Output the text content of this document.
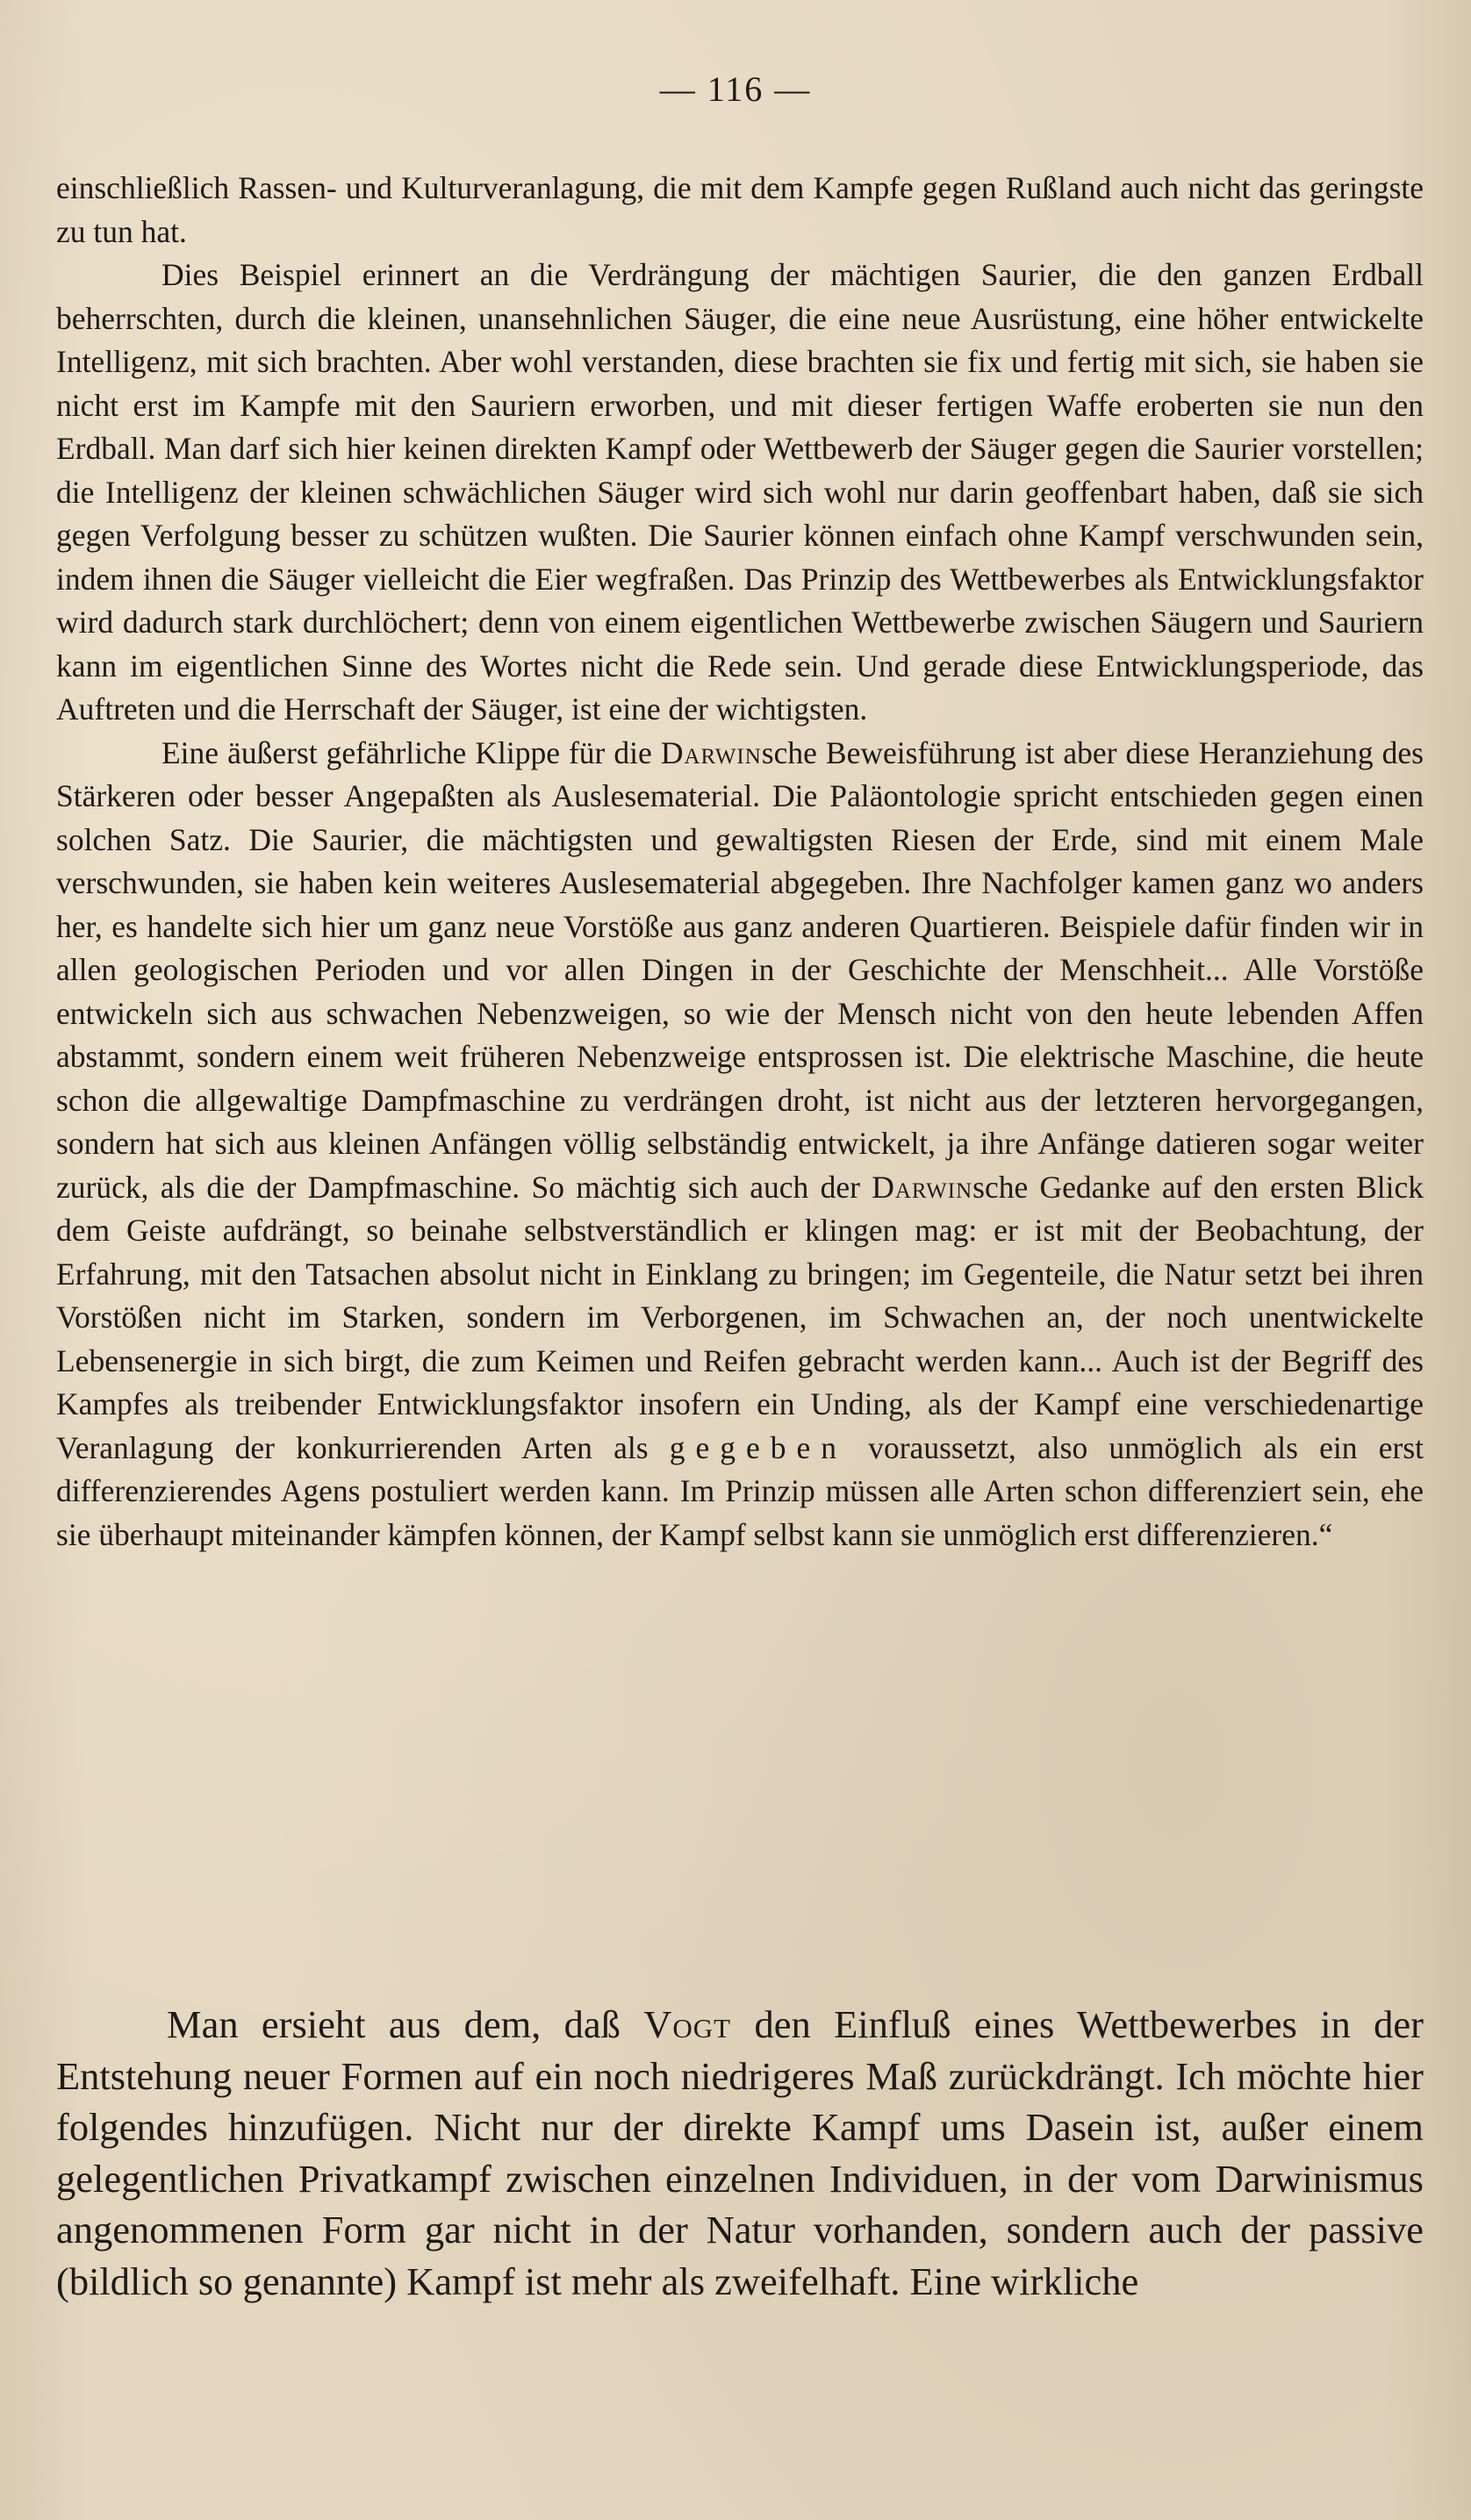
— 116 —

einschließlich Rassen- und Kulturveranlagung, die mit dem Kampfe gegen Rußland auch nicht das geringste zu tun hat.

Dies Beispiel erinnert an die Verdrängung der mächtigen Saurier, die den ganzen Erdball beherrschten, durch die kleinen, unansehnlichen Säuger, die eine neue Ausrüstung, eine höher entwickelte Intelligenz, mit sich brachten. Aber wohl verstanden, diese brachten sie fix und fertig mit sich, sie haben sie nicht erst im Kampfe mit den Sauriern erworben, und mit dieser fertigen Waffe eroberten sie nun den Erdball. Man darf sich hier keinen direkten Kampf oder Wettbewerb der Säuger gegen die Saurier vorstellen; die Intelligenz der kleinen schwächlichen Säuger wird sich wohl nur darin geoffenbart haben, daß sie sich gegen Verfolgung besser zu schützen wußten. Die Saurier können einfach ohne Kampf verschwunden sein, indem ihnen die Säuger vielleicht die Eier wegfraßen. Das Prinzip des Wettbewerbes als Entwicklungsfaktor wird dadurch stark durchlöchert; denn von einem eigentlichen Wettbewerbe zwischen Säugern und Sauriern kann im eigentlichen Sinne des Wortes nicht die Rede sein. Und gerade diese Entwicklungsperiode, das Auftreten und die Herrschaft der Säuger, ist eine der wichtigsten.

Eine äußerst gefährliche Klippe für die Darwinsche Beweisführung ist aber diese Heranziehung des Stärkeren oder besser Angepaßten als Auslesematerial. Die Paläontologie spricht entschieden gegen einen solchen Satz. Die Saurier, die mächtigsten und gewaltigsten Riesen der Erde, sind mit einem Male verschwunden, sie haben kein weiteres Auslesematerial abgegeben. Ihre Nachfolger kamen ganz wo anders her, es handelte sich hier um ganz neue Vorstöße aus ganz anderen Quartieren. Beispiele dafür finden wir in allen geologischen Perioden und vor allen Dingen in der Geschichte der Menschheit... Alle Vorstöße entwickeln sich aus schwachen Nebenzweigen, so wie der Mensch nicht von den heute lebenden Affen abstammt, sondern einem weit früheren Nebenzweige entsprossen ist. Die elektrische Maschine, die heute schon die allgewaltige Dampfmaschine zu verdrängen droht, ist nicht aus der letzteren hervorgegangen, sondern hat sich aus kleinen Anfängen völlig selbständig entwickelt, ja ihre Anfänge datieren sogar weiter zurück, als die der Dampfmaschine. So mächtig sich auch der Darwinsche Gedanke auf den ersten Blick dem Geiste aufdrängt, so beinahe selbstverständlich er klingen mag: er ist mit der Beobachtung, der Erfahrung, mit den Tatsachen absolut nicht in Einklang zu bringen; im Gegenteile, die Natur setzt bei ihren Vorstößen nicht im Starken, sondern im Verborgenen, im Schwachen an, der noch unentwickelte Lebensenergie in sich birgt, die zum Keimen und Reifen gebracht werden kann... Auch ist der Begriff des Kampfes als treibender Entwicklungsfaktor insofern ein Unding, als der Kampf eine verschiedenartige Veranlagung der konkurrierenden Arten als gegeben voraussetzt, also unmöglich als ein erst differenzierendes Agens postuliert werden kann. Im Prinzip müssen alle Arten schon differenziert sein, ehe sie überhaupt miteinander kämpfen können, der Kampf selbst kann sie unmöglich erst differenzieren.“

Man ersieht aus dem, daß Vogt den Einfluß eines Wettbewerbes in der Entstehung neuer Formen auf ein noch niedrigeres Maß zurückdrängt. Ich möchte hier folgendes hinzufügen. Nicht nur der direkte Kampf ums Dasein ist, außer einem gelegentlichen Privatkampf zwischen einzelnen Individuen, in der vom Darwinismus angenommenen Form gar nicht in der Natur vorhanden, sondern auch der passive (bildlich so genannte) Kampf ist mehr als zweifelhaft. Eine wirkliche
